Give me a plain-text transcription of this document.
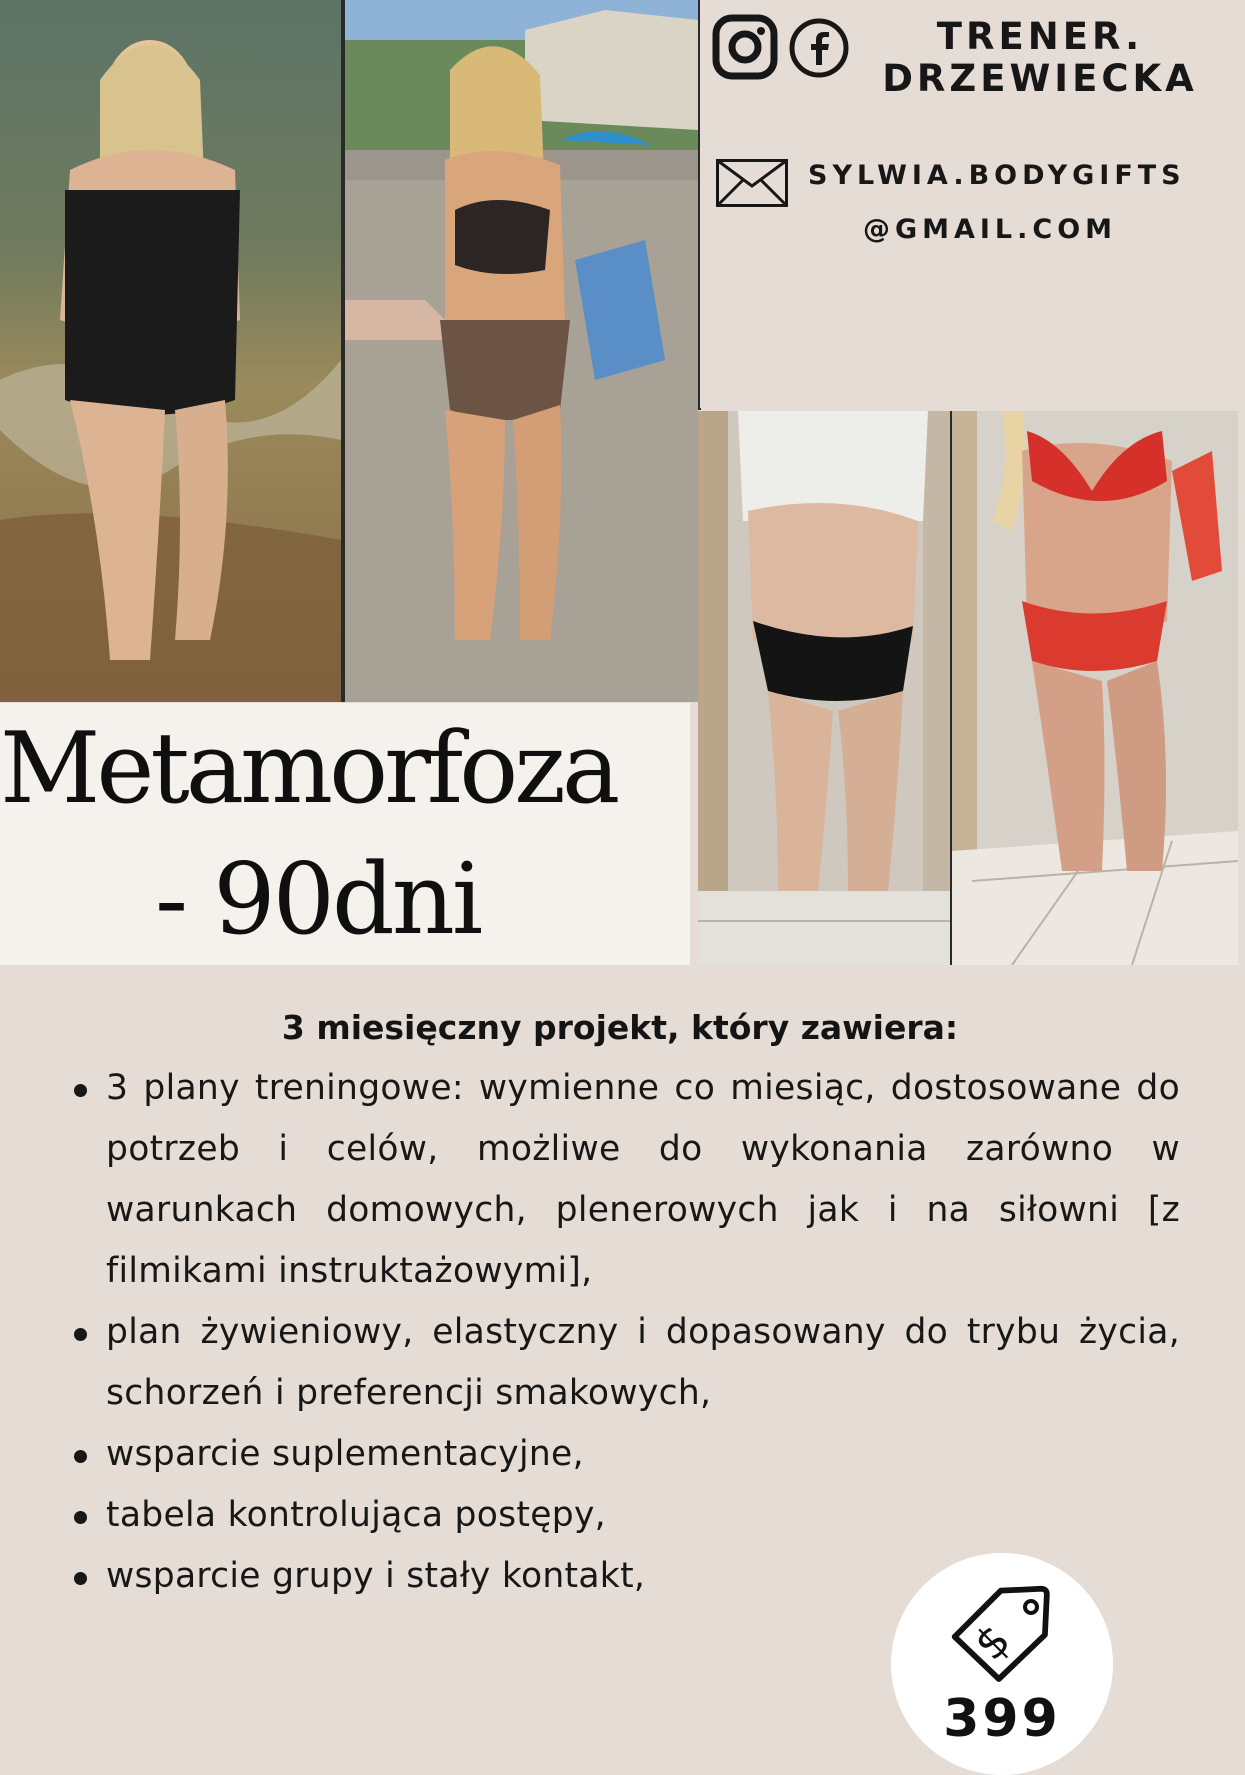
TRENER.
DRZEWIECKA
SYLWIA.BODYGIFTS
@GMAIL.COM
Metamorfoza
- 90dni
3 miesięczny projekt, który zawiera:
3 plany treningowe: wymienne co miesiąc, dostosowane do potrzeb i celów, możliwe do wykonania zarówno w warunkach domowych, plenerowych jak i na siłowni [z filmikami instruktażowymi],
plan żywieniowy, elastyczny i dopasowany do trybu życia, schorzeń i preferencji smakowych,
wsparcie suplementacyjne,
tabela kontrolująca postępy,
wsparcie grupy i stały kontakt,
$
399
